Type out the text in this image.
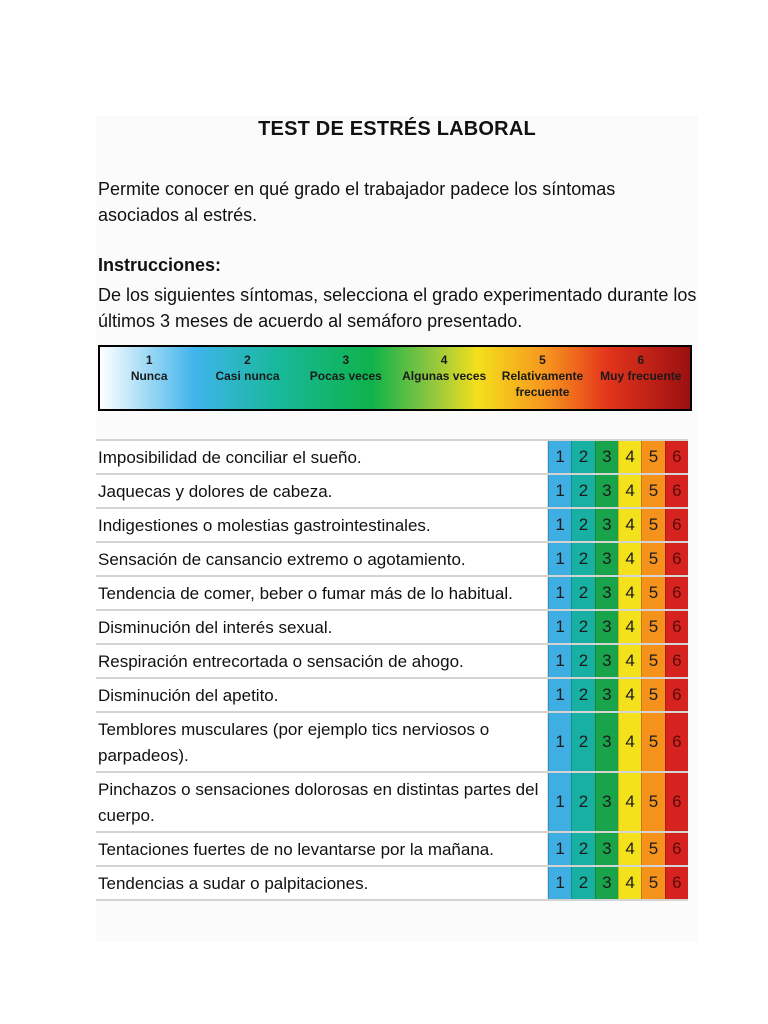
TEST DE ESTRÉS LABORAL
Permite conocer en qué grado el trabajador padece los síntomas asociados al estrés.
Instrucciones:
De los siguientes síntomas, selecciona el grado experimentado durante los últimos 3 meses de acuerdo al semáforo presentado.
1
Nunca
2
Casi nunca
3
Pocas veces
4
Algunas veces
5
Relativamente frecuente
6
Muy frecuente
Imposibilidad de conciliar el sueño.	1 2 3 4 5 6
Jaquecas y dolores de cabeza.	1 2 3 4 5 6
Indigestiones o molestias gastrointestinales.	1 2 3 4 5 6
Sensación de cansancio extremo o agotamiento.	1 2 3 4 5 6
Tendencia de comer, beber o fumar más de lo habitual.	1 2 3 4 5 6
Disminución del interés sexual.	1 2 3 4 5 6
Respiración entrecortada o sensación de ahogo.	1 2 3 4 5 6
Disminución del apetito.	1 2 3 4 5 6
Temblores musculares (por ejemplo tics nerviosos o parpadeos).
1 2 3 4 5 6
Pinchazos o sensaciones dolorosas en distintas partes del cuerpo.
1 2 3 4 5 6
Tentaciones fuertes de no levantarse por la mañana.	1 2 3 4 5 6
Tendencias a sudar o palpitaciones.	1 2 3 4 5 6
